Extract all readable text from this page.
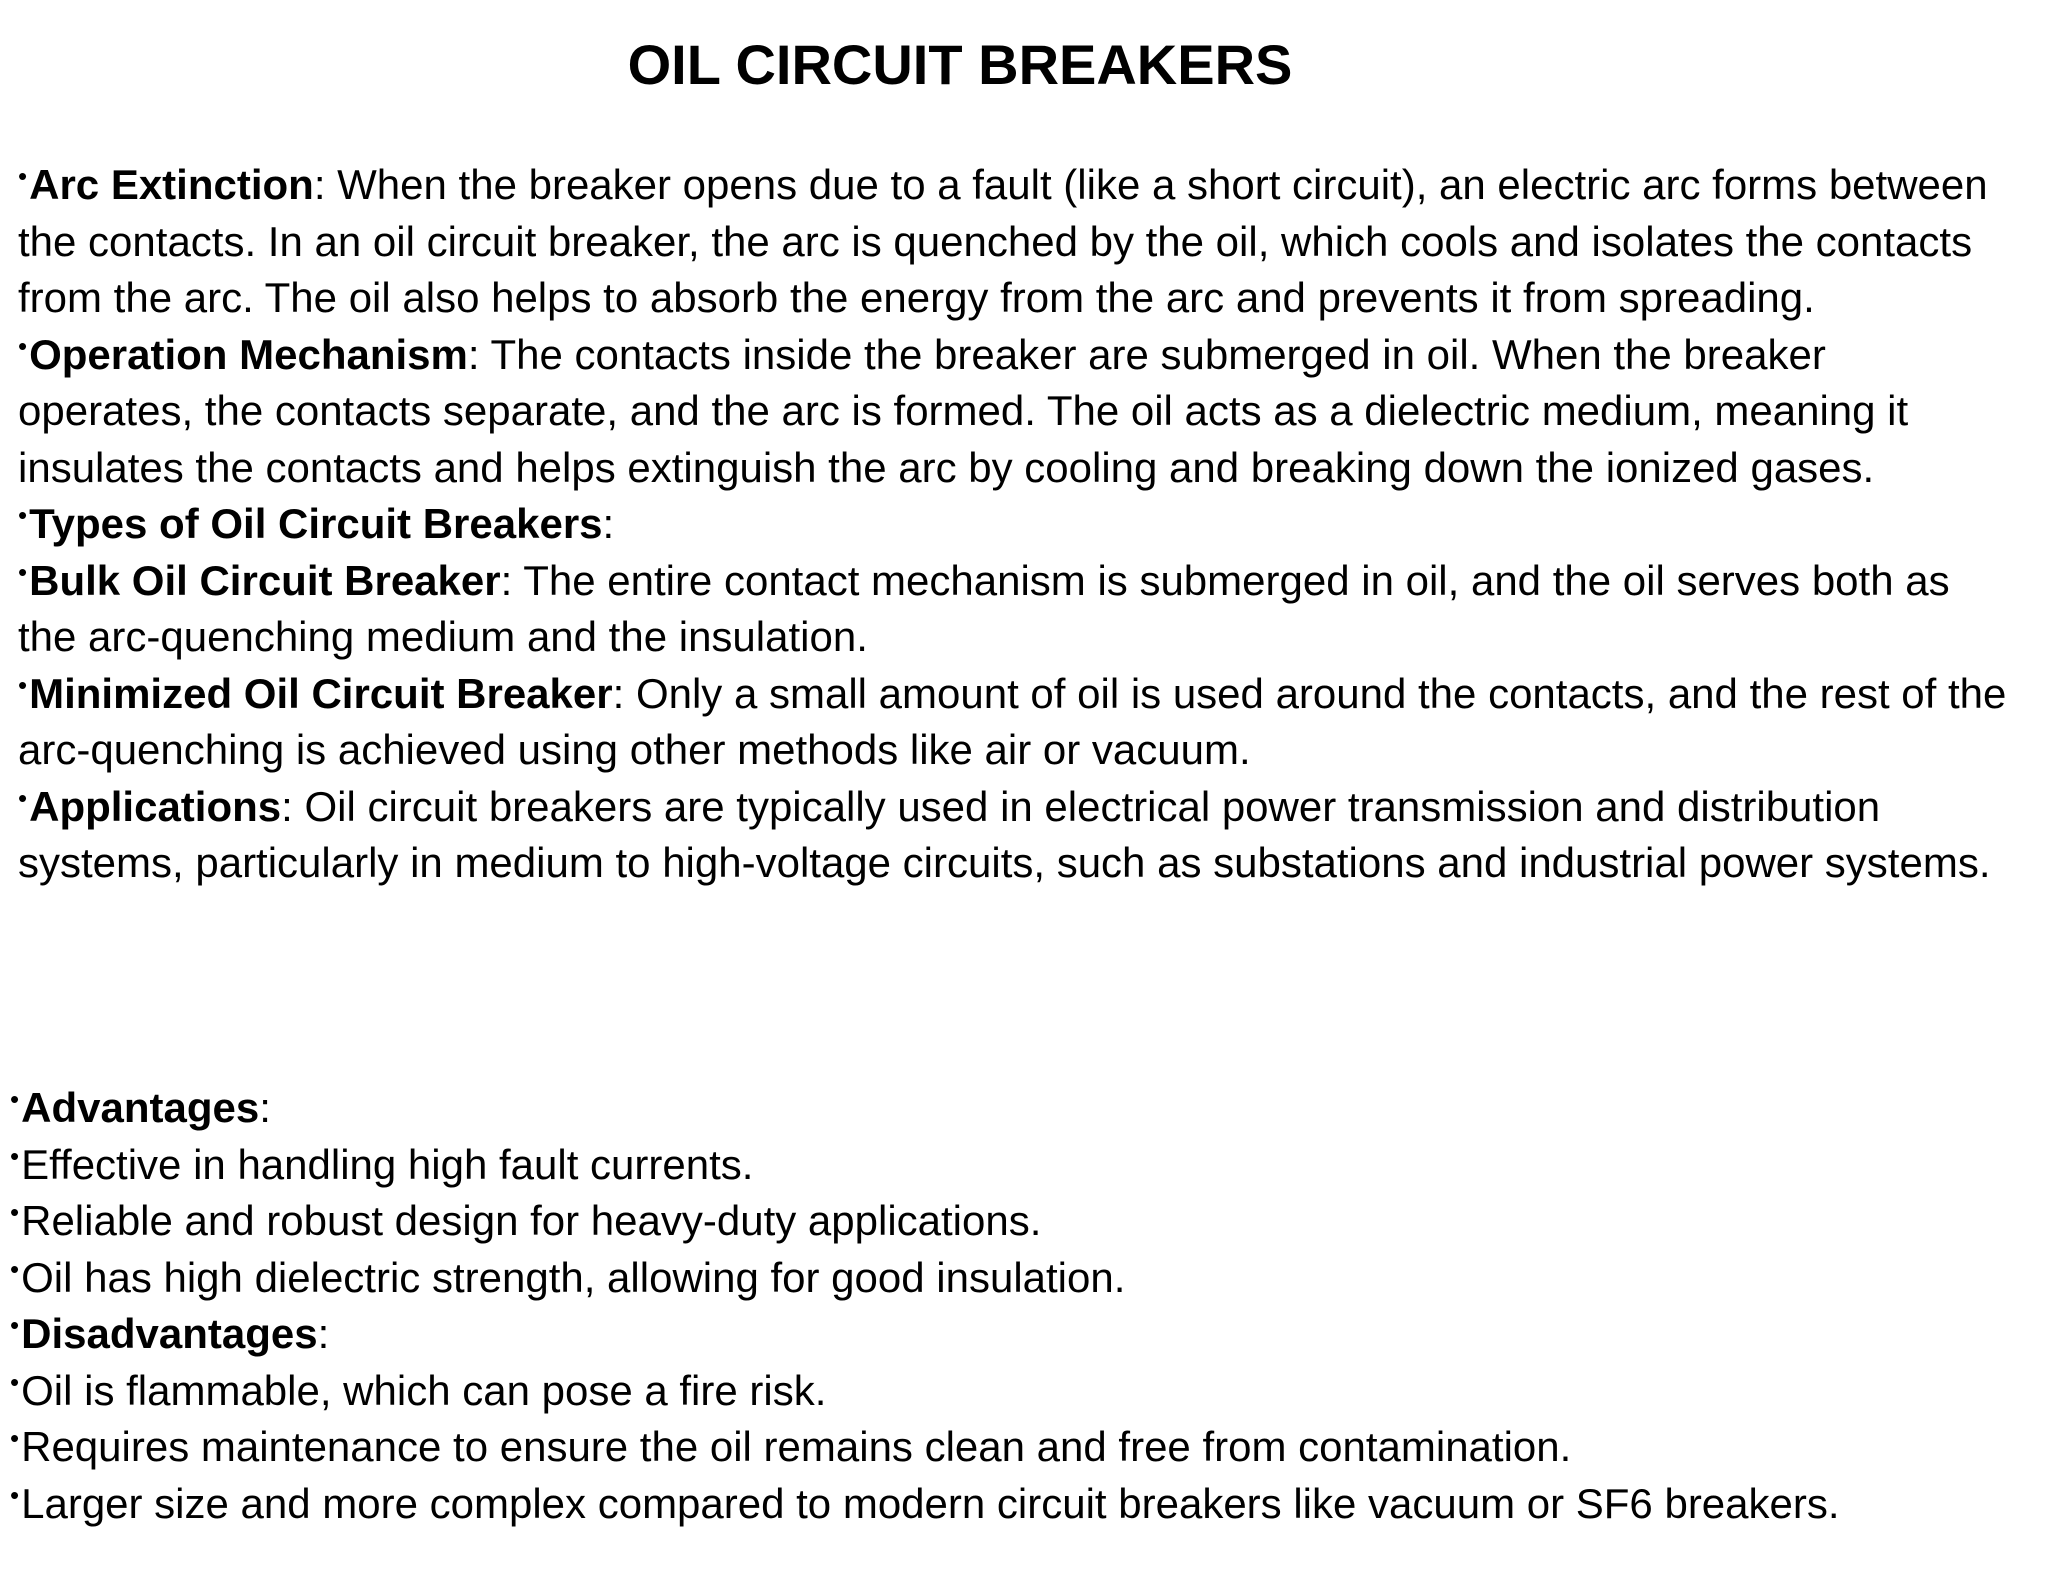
OIL CIRCUIT BREAKERS

•Arc Extinction: When the breaker opens due to a fault (like a short circuit), an electric arc forms between the contacts. In an oil circuit breaker, the arc is quenched by the oil, which cools and isolates the contacts from the arc. The oil also helps to absorb the energy from the arc and prevents it from spreading.

•Operation Mechanism: The contacts inside the breaker are submerged in oil. When the breaker operates, the contacts separate, and the arc is formed. The oil acts as a dielectric medium, meaning it insulates the contacts and helps extinguish the arc by cooling and breaking down the ionized gases.

•Types of Oil Circuit Breakers:

•Bulk Oil Circuit Breaker: The entire contact mechanism is submerged in oil, and the oil serves both as the arc-quenching medium and the insulation.

•Minimized Oil Circuit Breaker: Only a small amount of oil is used around the contacts, and the rest of the arc-quenching is achieved using other methods like air or vacuum.

•Applications: Oil circuit breakers are typically used in electrical power transmission and distribution systems, particularly in medium to high-voltage circuits, such as substations and industrial power systems.

•Advantages:

•Effective in handling high fault currents.

•Reliable and robust design for heavy-duty applications.

•Oil has high dielectric strength, allowing for good insulation.

•Disadvantages:

•Oil is flammable, which can pose a fire risk.

•Requires maintenance to ensure the oil remains clean and free from contamination.

•Larger size and more complex compared to modern circuit breakers like vacuum or SF6 breakers.
